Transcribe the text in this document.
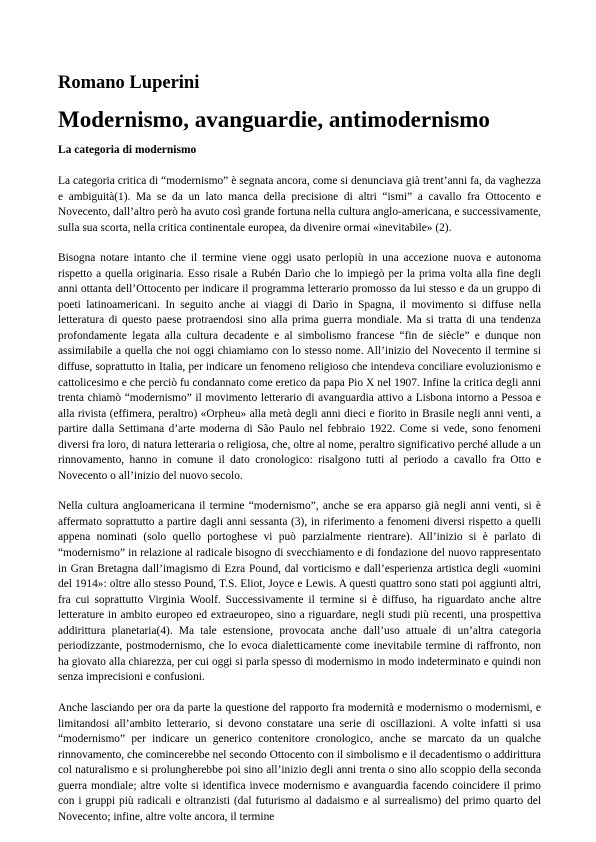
Romano Luperini
Modernismo, avanguardie, antimodernismo
La categoria di modernismo

La categoria critica di “modernismo” è segnata ancora, come si denunciava già trent’anni fa, da vaghezza e ambiguità(1). Ma se da un lato manca della precisione di altri “ismi” a cavallo fra Ottocento e Novecento, dall’altro però ha avuto così grande fortuna nella cultura anglo-americana, e successivamente, sulla sua scorta, nella critica continentale europea, da divenire ormai «inevitabile» (2).

Bisogna notare intanto che il termine viene oggi usato perlopiù in una accezione nuova e autonoma rispetto a quella originaria. Esso risale a Rubén Darìо che lo impiegò per la prima volta alla fine degli anni ottanta dell’Ottocento per indicare il programma letterario promosso da lui stesso e da un gruppo di poeti latinoamericani. In seguito anche ai viaggi di Darìо in Spagna, il movimento si diffuse nella letteratura di questo paese protraendosi sino alla prima guerra mondiale. Ma si tratta di una tendenza profondamente legata alla cultura decadente e al simbolismo francese “fin de siècle” e dunque non assimilabile a quella che noi oggi chiamiamo con lo stesso nome. All’inizio del Novecento il termine si diffuse, soprattutto in Italia, per indicare un fenomeno religioso che intendeva conciliare evoluzionismo e cattolicesimo e che perciò fu condannato come eretico da papa Pio X nel 1907. Infine la critica degli anni trenta chiamò “modernismo” il movimento letterario di avanguardia attivo a Lisbona intorno a Pessoa e alla rivista (effimera, peraltro) «Orpheu» alla metà degli anni dieci e fiorito in Brasile negli anni venti, a partire dalla Settimana d’arte moderna di São Paulo nel febbraio 1922. Come si vede, sono fenomeni diversi fra loro, di natura letteraria o religiosa, che, oltre al nome, peraltro significativo perché allude a un rinnovamento, hanno in comune il dato cronologico: risalgono tutti al periodo a cavallo fra Otto e Novecento o all’inizio del nuovo secolo.

Nella cultura angloamericana il termine “modernismo”, anche se era apparso già negli anni venti, si è affermato soprattutto a partire dagli anni sessanta (3), in riferimento a fenomeni diversi rispetto a quelli appena nominati (solo quello portoghese vi può parzialmente rientrare). All’inizio si è parlato di “modernismo” in relazione al radicale bisogno di svecchiamento e di fondazione del nuovo rappresentato in Gran Bretagna dall’imagismo di Ezra Pound, dal vorticismo e dall’esperienza artistica degli «uomini del 1914»: oltre allo stesso Pound, T.S. Eliot, Joyce e Lewis. A questi quattro sono stati poi aggiunti altri, fra cui soprattutto Virginia Woolf. Successivamente il termine si è diffuso, ha riguardato anche altre letterature in ambito europeo ed extraeuropeo, sino a riguardare, negli studi più recenti, una prospettiva addirittura planetaria(4). Ma tale estensione, provocata anche dall’uso attuale di un’altra categoria periodizzante, postmodernismo, che lo evoca dialetticamente come inevitabile termine di raffronto, non ha giovato alla chiarezza, per cui oggi si parla spesso di modernismo in modo indeterminato e quindi non senza imprecisioni e confusioni.

Anche lasciando per ora da parte la questione del rapporto fra modernità e modernismo o modernismi, e limitandosi all’ambito letterario, si devono constatare una serie di oscillazioni. A volte infatti si usa “modernismo” per indicare un generico contenitore cronologico, anche se marcato da un qualche rinnovamento, che comincerebbe nel secondo Ottocento con il simbolismo e il decadentismo o addirittura col naturalismo e si prolungherebbe poi sino all’inizio degli anni trenta o sino allo scoppio della seconda guerra mondiale; altre volte si identifica invece modernismo e avanguardia facendo coincidere il primo con i gruppi più radicali e oltranzisti (dal futurismo al dadaismo e al surrealismo) del primo quarto del Novecento; infine, altre volte ancora, il termine
